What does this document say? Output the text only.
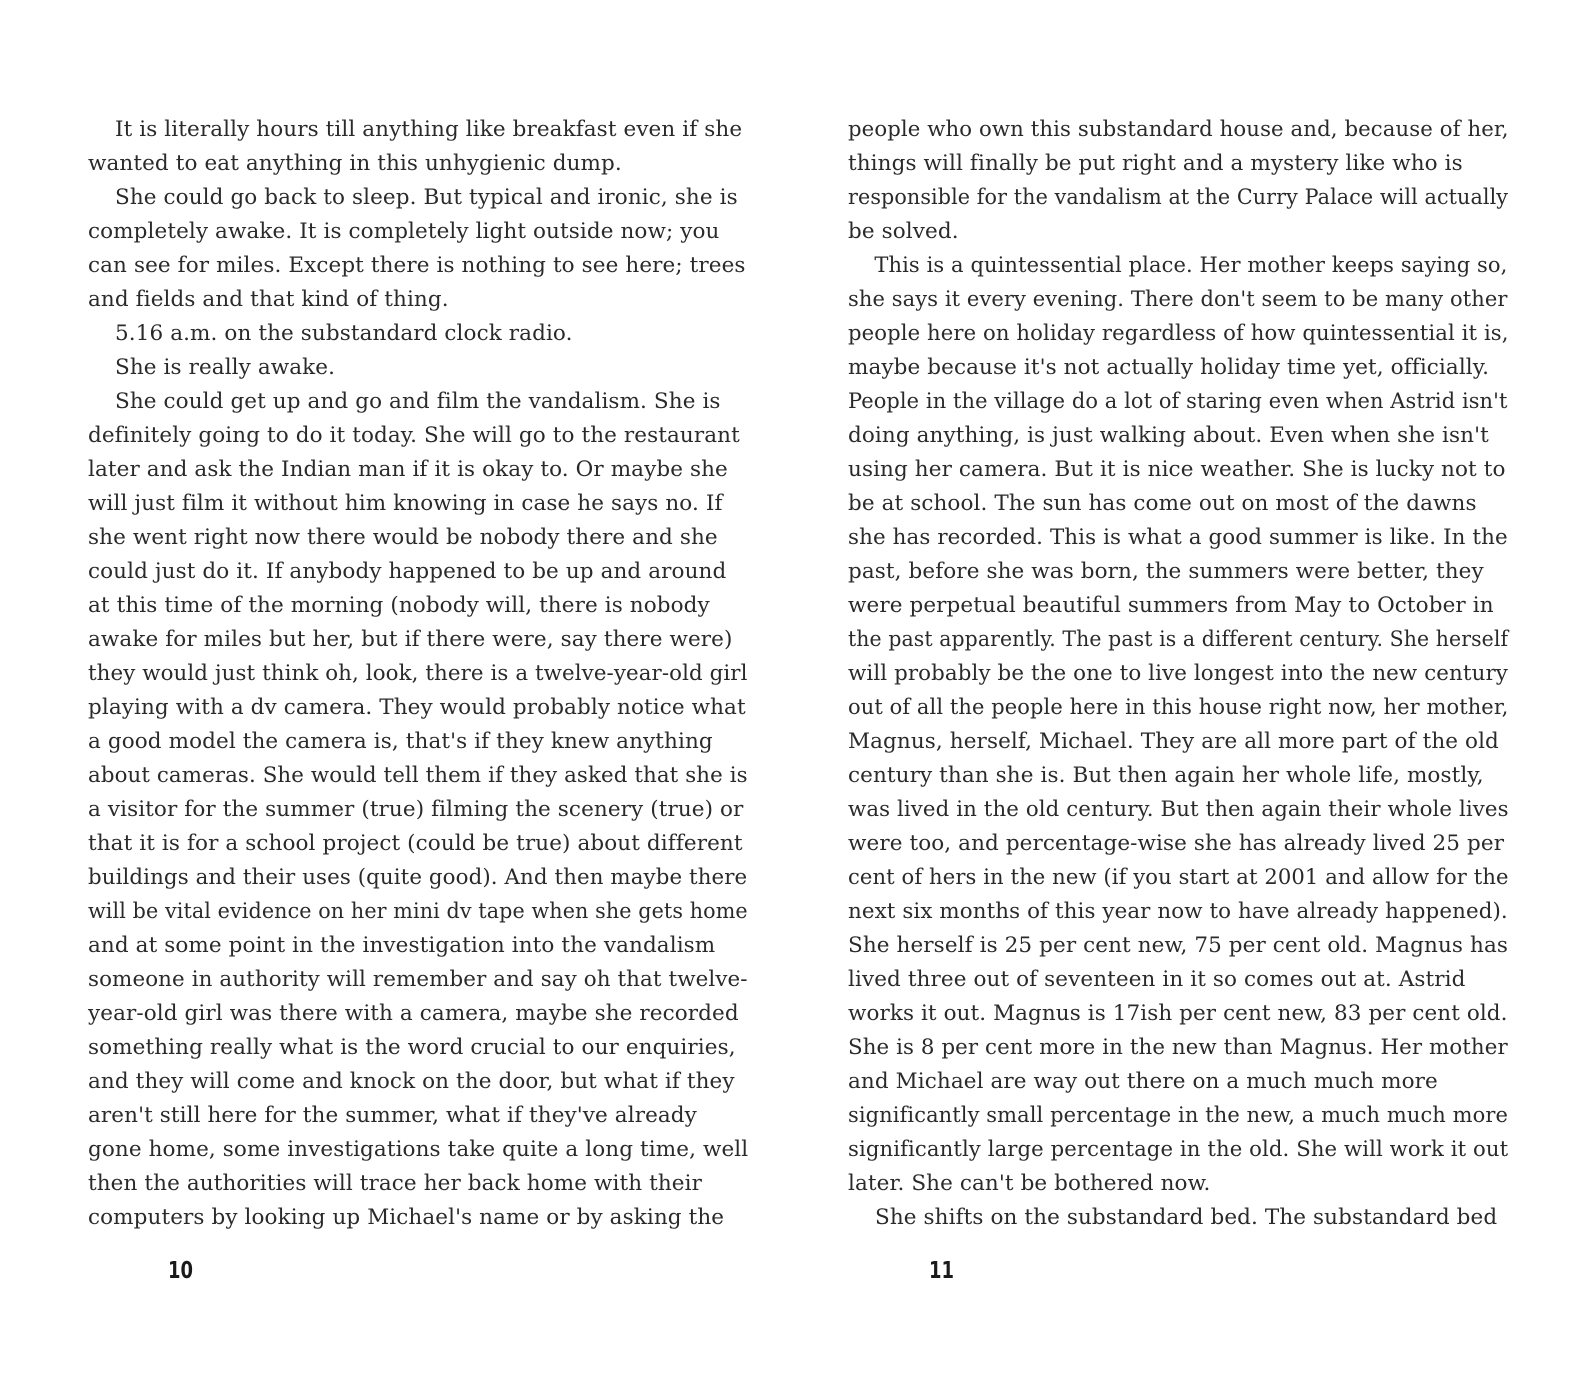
It is literally hours till anything like breakfast even if she
wanted to eat anything in this unhygienic dump.
She could go back to sleep. But typical and ironic, she is
completely awake. It is completely light outside now; you
can see for miles. Except there is nothing to see here; trees
and fields and that kind of thing.
5.16 a.m. on the substandard clock radio.
She is really awake.
She could get up and go and film the vandalism. She is
definitely going to do it today. She will go to the restaurant
later and ask the Indian man if it is okay to. Or maybe she
will just film it without him knowing in case he says no. If
she went right now there would be nobody there and she
could just do it. If anybody happened to be up and around
at this time of the morning (nobody will, there is nobody
awake for miles but her, but if there were, say there were)
they would just think oh, look, there is a twelve-year-old girl
playing with a dv camera. They would probably notice what
a good model the camera is, that's if they knew anything
about cameras. She would tell them if they asked that she is
a visitor for the summer (true) filming the scenery (true) or
that it is for a school project (could be true) about different
buildings and their uses (quite good). And then maybe there
will be vital evidence on her mini dv tape when she gets home
and at some point in the investigation into the vandalism
someone in authority will remember and say oh that twelve-
year-old girl was there with a camera, maybe she recorded
something really what is the word crucial to our enquiries,
and they will come and knock on the door, but what if they
aren't still here for the summer, what if they've already
gone home, some investigations take quite a long time, well
then the authorities will trace her back home with their
computers by looking up Michael's name or by asking the
people who own this substandard house and, because of her,
things will finally be put right and a mystery like who is
responsible for the vandalism at the Curry Palace will actually
be solved.
This is a quintessential place. Her mother keeps saying so,
she says it every evening. There don't seem to be many other
people here on holiday regardless of how quintessential it is,
maybe because it's not actually holiday time yet, officially.
People in the village do a lot of staring even when Astrid isn't
doing anything, is just walking about. Even when she isn't
using her camera. But it is nice weather. She is lucky not to
be at school. The sun has come out on most of the dawns
she has recorded. This is what a good summer is like. In the
past, before she was born, the summers were better, they
were perpetual beautiful summers from May to October in
the past apparently. The past is a different century. She herself
will probably be the one to live longest into the new century
out of all the people here in this house right now, her mother,
Magnus, herself, Michael. They are all more part of the old
century than she is. But then again her whole life, mostly,
was lived in the old century. But then again their whole lives
were too, and percentage-wise she has already lived 25 per
cent of hers in the new (if you start at 2001 and allow for the
next six months of this year now to have already happened).
She herself is 25 per cent new, 75 per cent old. Magnus has
lived three out of seventeen in it so comes out at. Astrid
works it out. Magnus is 17ish per cent new, 83 per cent old.
She is 8 per cent more in the new than Magnus. Her mother
and Michael are way out there on a much much more
significantly small percentage in the new, a much much more
significantly large percentage in the old. She will work it out
later. She can't be bothered now.
She shifts on the substandard bed. The substandard bed
10	11
